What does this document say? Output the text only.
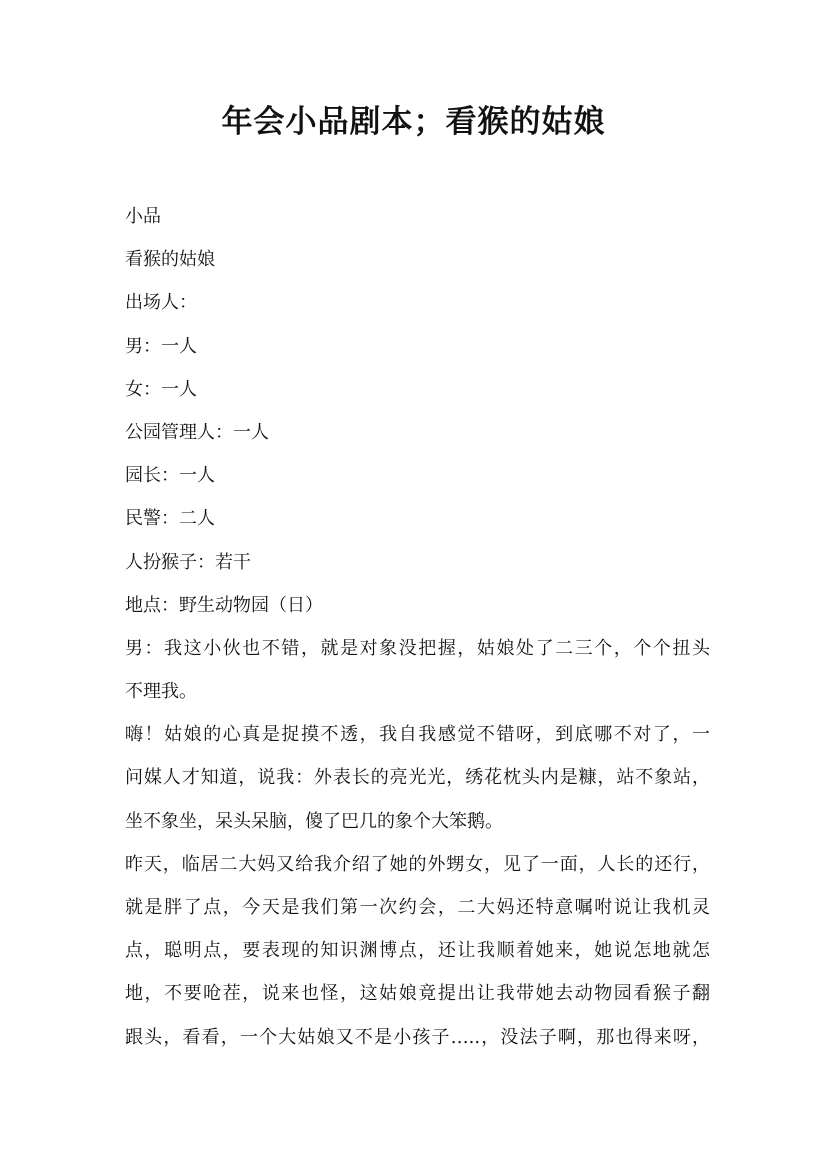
年会小品剧本；看猴的姑娘
小品
看猴的姑娘
出场人：
男：一人
女：一人
公园管理人：一人
园长：一人
民警：二人
人扮猴子：若干
地点：野生动物园（日）
男：我这小伙也不错，就是对象没把握，姑娘处了二三个，个个扭头
不理我。
嗨！姑娘的心真是捉摸不透，我自我感觉不错呀，到底哪不对了，一
问媒人才知道，说我：外表长的亮光光，绣花枕头内是糠，站不象站，
坐不象坐，呆头呆脑，傻了巴几的象个大笨鹅。
昨天，临居二大妈又给我介绍了她的外甥女，见了一面，人长的还行，
就是胖了点，今天是我们第一次约会，二大妈还特意嘱咐说让我机灵
点，聪明点，要表现的知识渊博点，还让我顺着她来，她说怎地就怎
地，不要呛茬，说来也怪，这姑娘竟提出让我带她去动物园看猴子翻
跟头，看看，一个大姑娘又不是小孩子…..，没法子啊，那也得来呀，
